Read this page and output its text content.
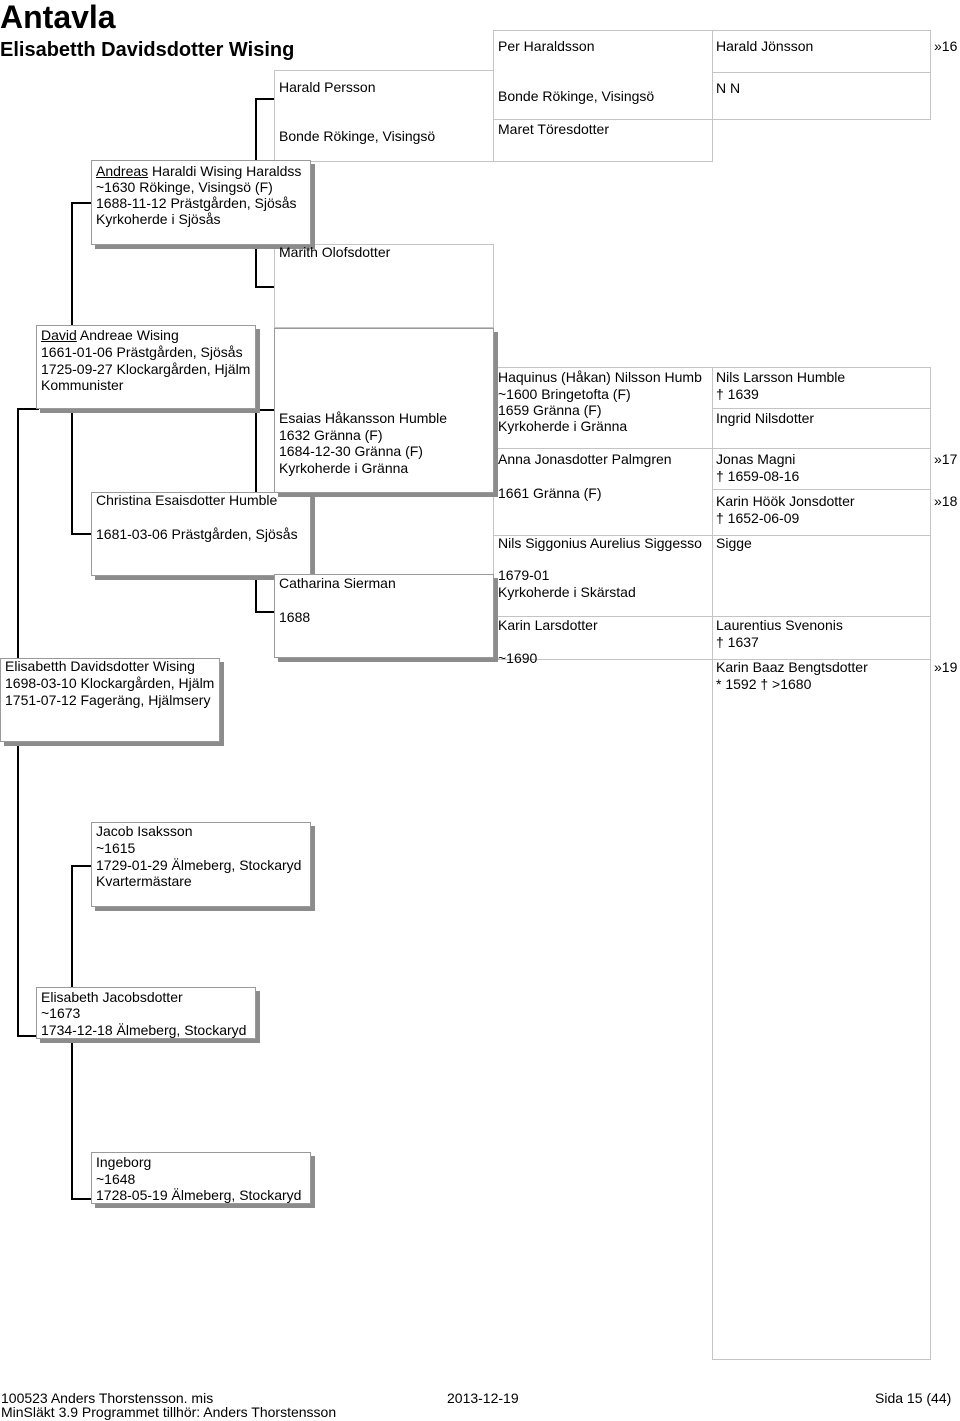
Antavla
Elisabetth Davidsdotter Wising
Elisabetth Davidsdotter Wising
1698-03-10 Klockargården, Hjälm
1751-07-12 Fageräng, Hjälmsery
David Andreae Wising
1661-01-06 Prästgården, Sjösås
1725-09-27 Klockargården, Hjälm
Kommunister
Elisabeth Jacobsdotter
~1673
1734-12-18 Älmeberg, Stockaryd
Andreas Haraldi Wising Haraldss
~1630 Rökinge, Visingsö (F)
1688-11-12 Prästgården, Sjösås
Kyrkoherde i Sjösås
Christina Esaisdotter Humble
1681-03-06 Prästgården, Sjösås
Jacob Isaksson
~1615
1729-01-29 Älmeberg, Stockaryd
Kvartermästare
Ingeborg
~1648
1728-05-19 Älmeberg, Stockaryd
Harald Persson
Bonde Rökinge, Visingsö
Marith Olofsdotter
Esaias Håkansson Humble
1632 Gränna (F)
1684-12-30 Gränna (F)
Kyrkoherde i Gränna
Catharina Sierman
1688
Per Haraldsson
Bonde Rökinge, Visingsö
Maret Töresdotter
Haquinus (Håkan) Nilsson Humb
~1600 Bringetofta (F)
1659 Gränna (F)
Kyrkoherde i Gränna
Anna Jonasdotter Palmgren
1661 Gränna (F)
Nils Siggonius Aurelius Siggesso
1679-01
Kyrkoherde i Skärstad
Karin Larsdotter
~1690
Harald Jönsson
N N
Nils Larsson Humble
† 1639
Ingrid Nilsdotter
Jonas Magni
† 1659-08-16
Karin Höök Jonsdotter
† 1652-06-09
Sigge
Laurentius Svenonis
† 1637
Karin Baaz Bengtsdotter
* 1592 † >1680
»16
»17
»18
»19
100523 Anders Thorstensson. mis
MinSläkt 3.9 Programmet tillhör: Anders Thorstensson
2013-12-19	Sida 15 (44)
